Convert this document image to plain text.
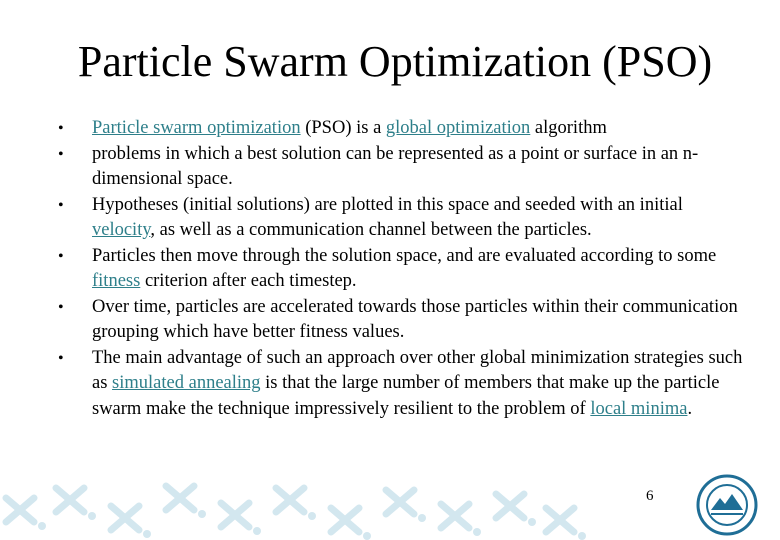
Particle Swarm Optimization (PSO)
•	Particle swarm optimization (PSO) is a global optimization algorithm
•	problems in which a best solution can be represented as a point or surface in an n-dimensional space.
•	Hypotheses (initial solutions) are plotted in this space and seeded with an initial velocity, as well as a communication channel between the particles.
•	Particles then move through the solution space, and are evaluated according to some fitness criterion after each timestep.
•	Over time, particles are accelerated towards those particles within their communication grouping which have better fitness values.
•	The main advantage of such an approach over other global minimization strategies such as simulated annealing is that the large number of members that make up the particle swarm make the technique impressively resilient to the problem of local minima.
6
